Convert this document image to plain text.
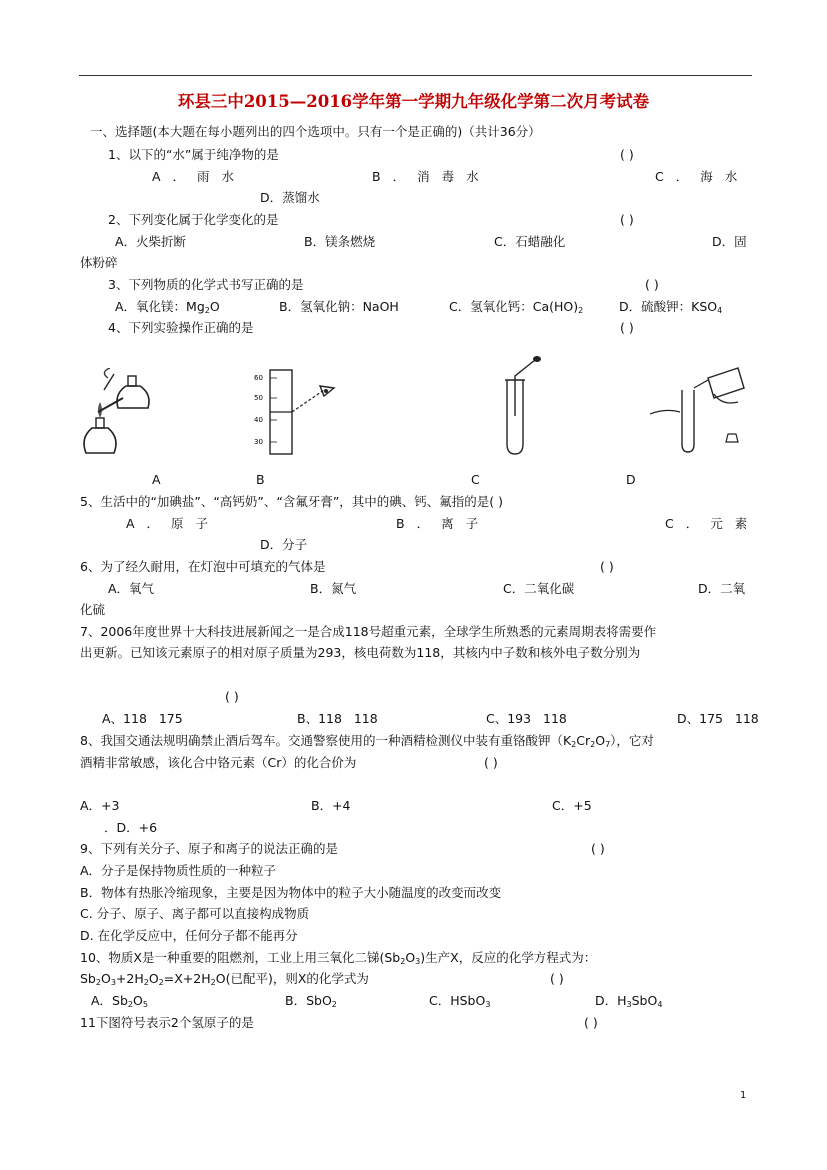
环县三中2015—2016学年第一学期九年级化学第二次月考试卷
一、选择题(本大题在每小题列出的四个选项中。只有一个是正确的)（共计36分）
1、以下的“水”属于纯净物的是	( )
A．雨水	B．消毒水	C．海水
D．蒸馏水
2、下列变化属于化学变化的是	( )
A．火柴折断	B．镁条燃烧	C．石蜡融化	D．固
体粉碎
3、下列物质的化学式书写正确的是	( )
A．氧化镁：$Mg_2O$	B．氢氧化钠：NaOH	C．氢氧化钙：$Ca(HO)_2$	D．硫酸钾：$KSO_4$
4、下列实验操作正确的是	( )
60
50
40
30
A	B	C	D
5、生活中的“加碘盐”、“高钙奶”、“含氟牙膏”，其中的碘、钙、氟指的是( )
A．原子	B．离子	C．元素
D．分子
6、为了经久耐用，在灯泡中可填充的气体是	( )
A．氧气	B．氮气	C．二氧化碳	D．二氧
化硫
7、2006年度世界十大科技进展新闻之一是合成118号超重元素，全球学生所熟悉的元素周期表将需要作
出更新。已知该元素原子的相对原子质量为293，核电荷数为118，其核内中子数和核外电子数分别为
( )
A、118   175	B、118   118	C、193   118	D、175   118
8、我国交通法规明确禁止酒后驾车。交通警察使用的一种酒精检测仪中装有重铬酸钾$(K_2Cr_2O_7)$，它对
酒精非常敏感，该化合中铬元素（Cr）的化合价为	( )
A．+3	B．+4	C．+5
．D．+6
9、下列有关分子、原子和离子的说法正确的是	( )
A．分子是保持物质性质的一种粒子
B．物体有热胀冷缩现象，主要是因为物体中的粒子大小随温度的改变而改变
C. 分子、原子、离子都可以直接构成物质
D. 在化学反应中，任何分子都不能再分
10、物质X是一种重要的阻燃剂，工业上用三氧化二锑$(Sb_2O_3)$生产X，反应的化学方程式为：
$Sb_2O_3+2H_2O_2=X+2H_2O$(已配平)，则X的化学式为	( )
A．$Sb_2O_5$	B．SbO$_2$	C．HSbO$_3$	D．$H_3SbO_4$
11下图符号表示2个氢原子的是	( )
1
